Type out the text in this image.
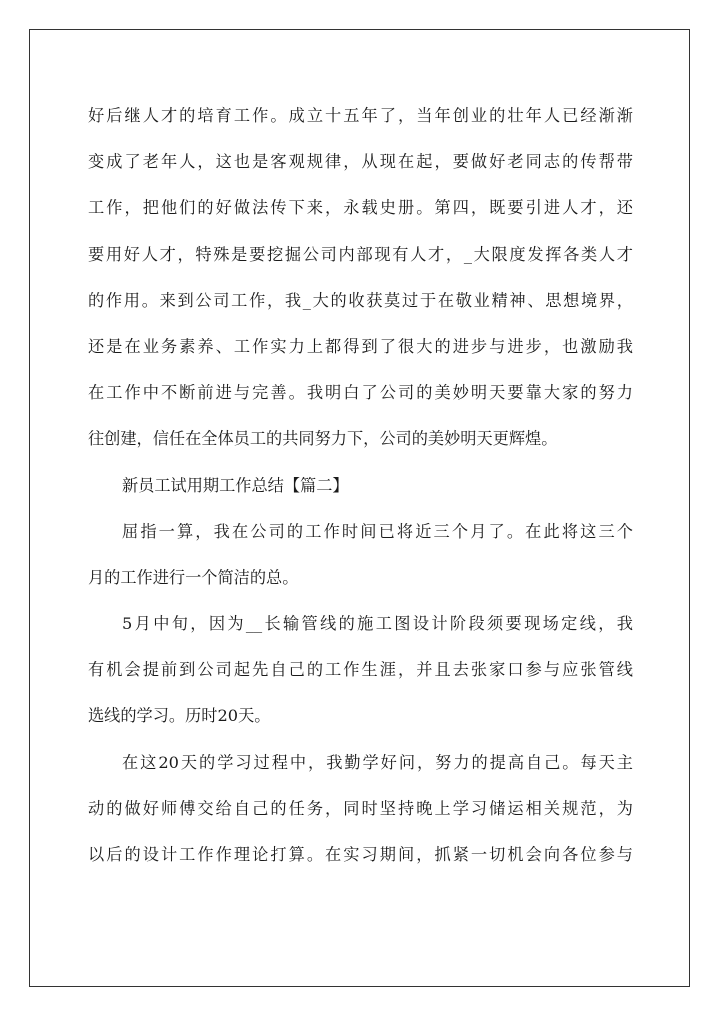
好后继人才的培育工作。成立十五年了，当年创业的壮年人已经渐渐
变成了老年人，这也是客观规律，从现在起，要做好老同志的传帮带
工作，把他们的好做法传下来，永载史册。第四，既要引进人才，还
要用好人才，特殊是要挖掘公司内部现有人才，_大限度发挥各类人才
的作用。来到公司工作，我_大的收获莫过于在敬业精神、思想境界，
还是在业务素养、工作实力上都得到了很大的进步与进步，也激励我
在工作中不断前进与完善。我明白了公司的美妙明天要靠大家的努力
往创建，信任在全体员工的共同努力下，公司的美妙明天更辉煌。
新员工试用期工作总结【篇二】
屈指一算，我在公司的工作时间已将近三个月了。在此将这三个
月的工作进行一个简洁的总。
5月中旬，因为__长输管线的施工图设计阶段须要现场定线，我
有机会提前到公司起先自己的工作生涯，并且去张家口参与应张管线
选线的学习。历时20天。
在这20天的学习过程中，我勤学好问，努力的提高自己。每天主
动的做好师傅交给自己的任务，同时坚持晚上学习储运相关规范，为
以后的设计工作作理论打算。在实习期间，抓紧一切机会向各位参与
